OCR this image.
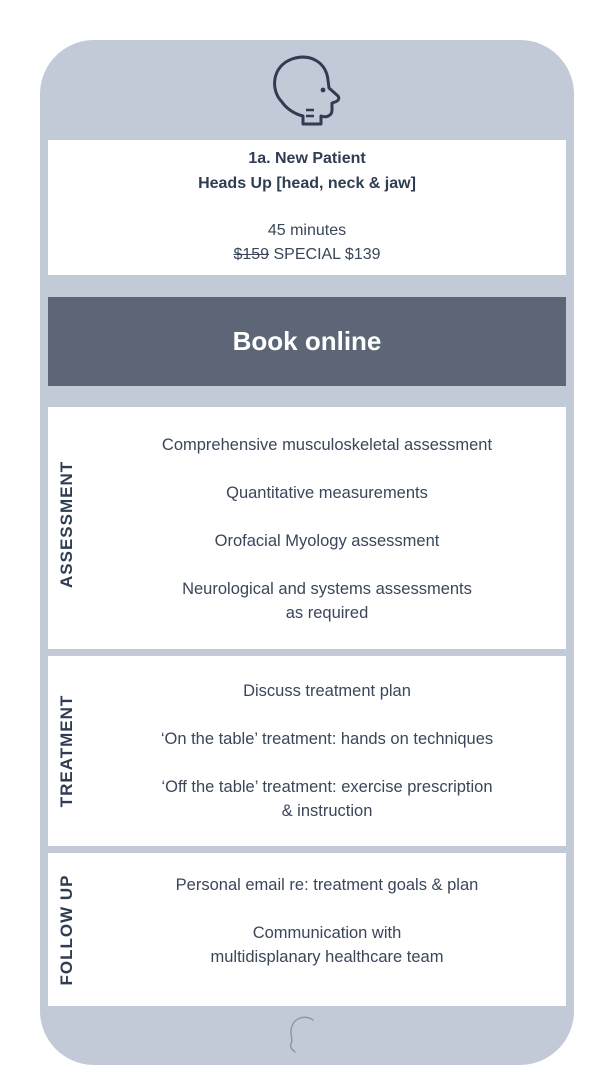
1a. New Patient
Heads Up [head, neck & jaw]
45 minutes
$159 SPECIAL $139
Book online
ASSESSMENT
Comprehensive musculoskeletal assessment
Quantitative measurements
Orofacial Myology assessment
Neurological and systems assessments
as required
TREATMENT
Discuss treatment plan
‘On the table’ treatment: hands on techniques
‘Off the table’ treatment: exercise prescription
& instruction
FOLLOW UP	Personal email re: treatment goals & plan
Communication with
multidisplanary healthcare team
